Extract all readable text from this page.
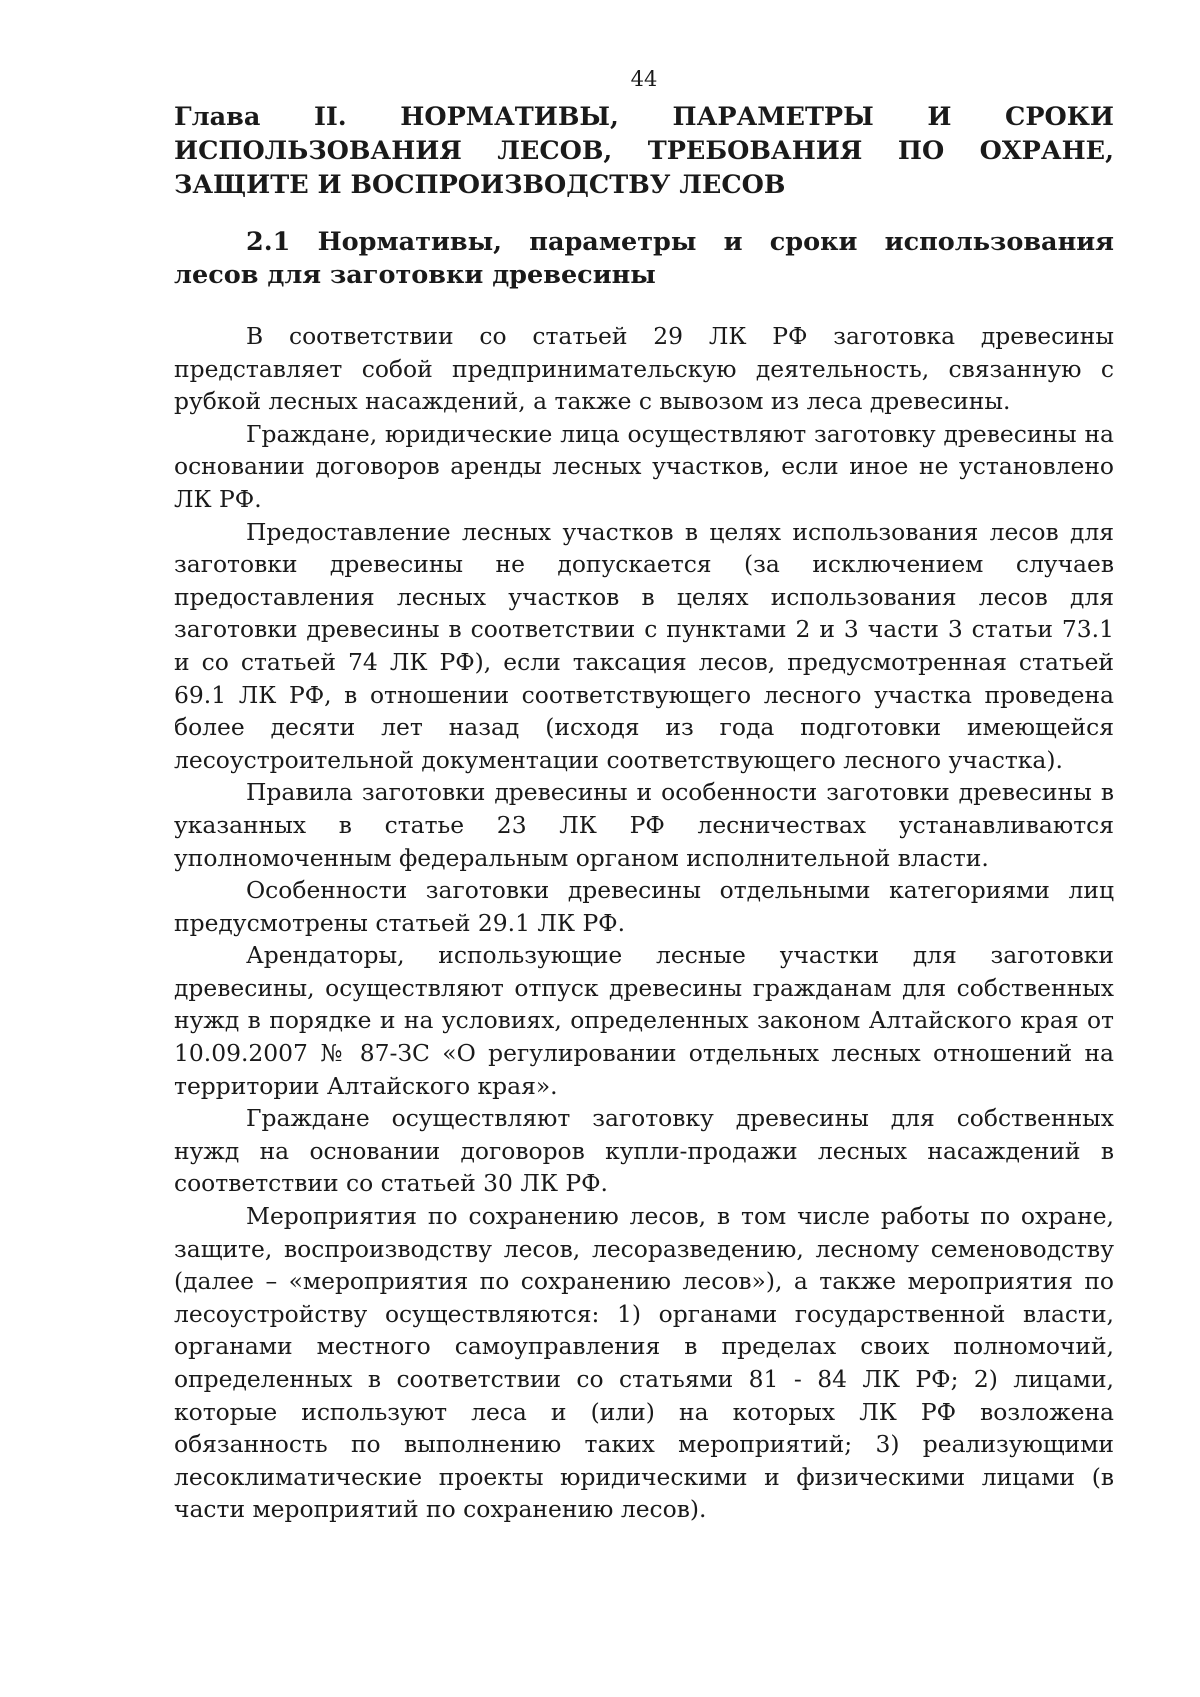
44
Глава II. НОРМАТИВЫ, ПАРАМЕТРЫ И СРОКИ ИСПОЛЬЗОВАНИЯ ЛЕСОВ, ТРЕБОВАНИЯ ПО ОХРАНЕ, ЗАЩИТЕ И ВОСПРОИЗВОДСТВУ ЛЕСОВ
2.1 Нормативы, параметры и сроки использования лесов для заготовки древесины

В соответствии со статьей 29 ЛК РФ заготовка древесины представляет собой предпринимательскую деятельность, связанную с рубкой лесных насаждений, а также с вывозом из леса древесины.

Граждане, юридические лица осуществляют заготовку древесины на основании договоров аренды лесных участков, если иное не установлено ЛК РФ.

Предоставление лесных участков в целях использования лесов для заготовки древесины не допускается (за исключением случаев предоставления лесных участков в целях использования лесов для заготовки древесины в соответствии с пунктами 2 и 3 части 3 статьи 73.1 и со статьей 74 ЛК РФ), если таксация лесов, предусмотренная статьей 69.1 ЛК РФ, в отношении соответствующего лесного участка проведена более десяти лет назад (исходя из года подготовки имеющейся лесоустроительной документации соответствующего лесного участка).

Правила заготовки древесины и особенности заготовки древесины в указанных в статье 23 ЛК РФ лесничествах устанавливаются уполномоченным федеральным органом исполнительной власти.

Особенности заготовки древесины отдельными категориями лиц предусмотрены статьей 29.1 ЛК РФ.

Арендаторы, использующие лесные участки для заготовки древесины, осуществляют отпуск древесины гражданам для собственных нужд в порядке и на условиях, определенных законом Алтайского края от 10.09.2007 № 87-ЗС «О регулировании отдельных лесных отношений на территории Алтайского края».

Граждане осуществляют заготовку древесины для собственных нужд на основании договоров купли-продажи лесных насаждений в соответствии со статьей 30 ЛК РФ.

Мероприятия по сохранению лесов, в том числе работы по охране, защите, воспроизводству лесов, лесоразведению, лесному семеноводству (далее – «мероприятия по сохранению лесов»), а также мероприятия по лесоустройству осуществляются: 1) органами государственной власти, органами местного самоуправления в пределах своих полномочий, определенных в соответствии со статьями 81 - 84 ЛК РФ; 2) лицами, которые используют леса и (или) на которых ЛК РФ возложена обязанность по выполнению таких мероприятий; 3) реализующими лесоклиматические проекты юридическими и физическими лицами (в части мероприятий по сохранению лесов).
